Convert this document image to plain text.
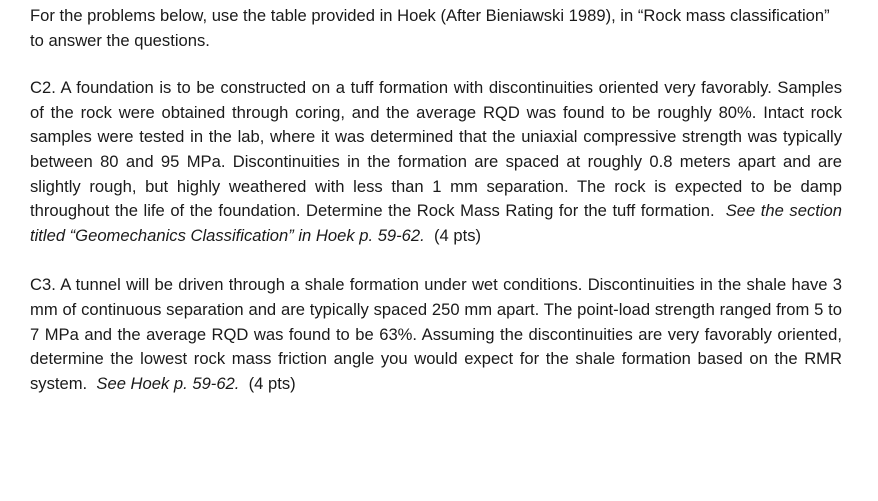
For the problems below, use the table provided in Hoek (After Bieniawski 1989), in “Rock mass classification” to answer the questions.

C2. A foundation is to be constructed on a tuff formation with discontinuities oriented very favorably. Samples of the rock were obtained through coring, and the average RQD was found to be roughly 80%. Intact rock samples were tested in the lab, where it was determined that the uniaxial compressive strength was typically between 80 and 95 MPa. Discontinuities in the formation are spaced at roughly 0.8 meters apart and are slightly rough, but highly weathered with less than 1 mm separation. The rock is expected to be damp throughout the life of the foundation. Determine the Rock Mass Rating for the tuff formation. See the section titled “Geomechanics Classification” in Hoek p. 59-62. (4 pts)

C3. A tunnel will be driven through a shale formation under wet conditions. Discontinuities in the shale have 3 mm of continuous separation and are typically spaced 250 mm apart. The point-load strength ranged from 5 to 7 MPa and the average RQD was found to be 63%. Assuming the discontinuities are very favorably oriented, determine the lowest rock mass friction angle you would expect for the shale formation based on the RMR system. See Hoek p. 59-62. (4 pts)
